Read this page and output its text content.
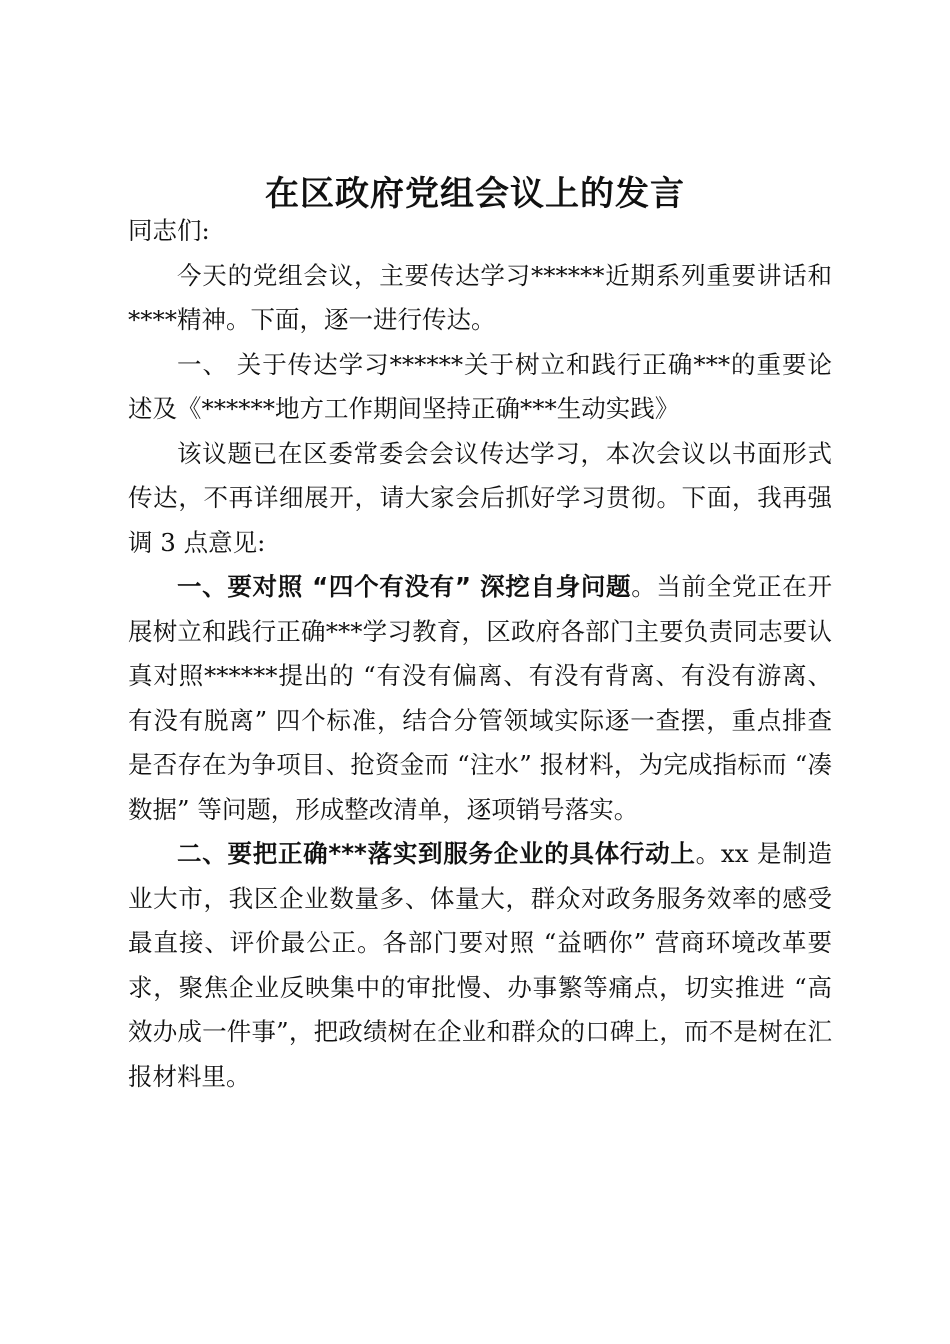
在区政府党组会议上的发言

同志们:

今天的党组会议，主要传达学习******近期系列重要讲话和****精神。下面，逐一进行传达。

一、 关于传达学习******关于树立和践行正确***的重要论述及《******地方工作期间坚持正确***生动实践》

该议题已在区委常委会会议传达学习，本次会议以书面形式传达，不再详细展开，请大家会后抓好学习贯彻。下面，我再强调 3 点意见:

一、要对照 “四个有没有” 深挖自身问题。当前全党正在开展树立和践行正确***学习教育，区政府各部门主要负责同志要认真对照******提出的 “有没有偏离、有没有背离、有没有游离、有没有脱离” 四个标准，结合分管领域实际逐一查摆，重点排查是否存在为争项目、抢资金而 “注水” 报材料，为完成指标而 “凑数据” 等问题，形成整改清单，逐项销号落实。

二、要把正确***落实到服务企业的具体行动上。xx 是制造业大市，我区企业数量多、体量大，群众对政务服务效率的感受最直接、评价最公正。各部门要对照 “益晒你” 营商环境改革要求，聚焦企业反映集中的审批慢、办事繁等痛点，切实推进 “高效办成一件事”，把政绩树在企业和群众的口碑上，而不是树在汇报材料里。
